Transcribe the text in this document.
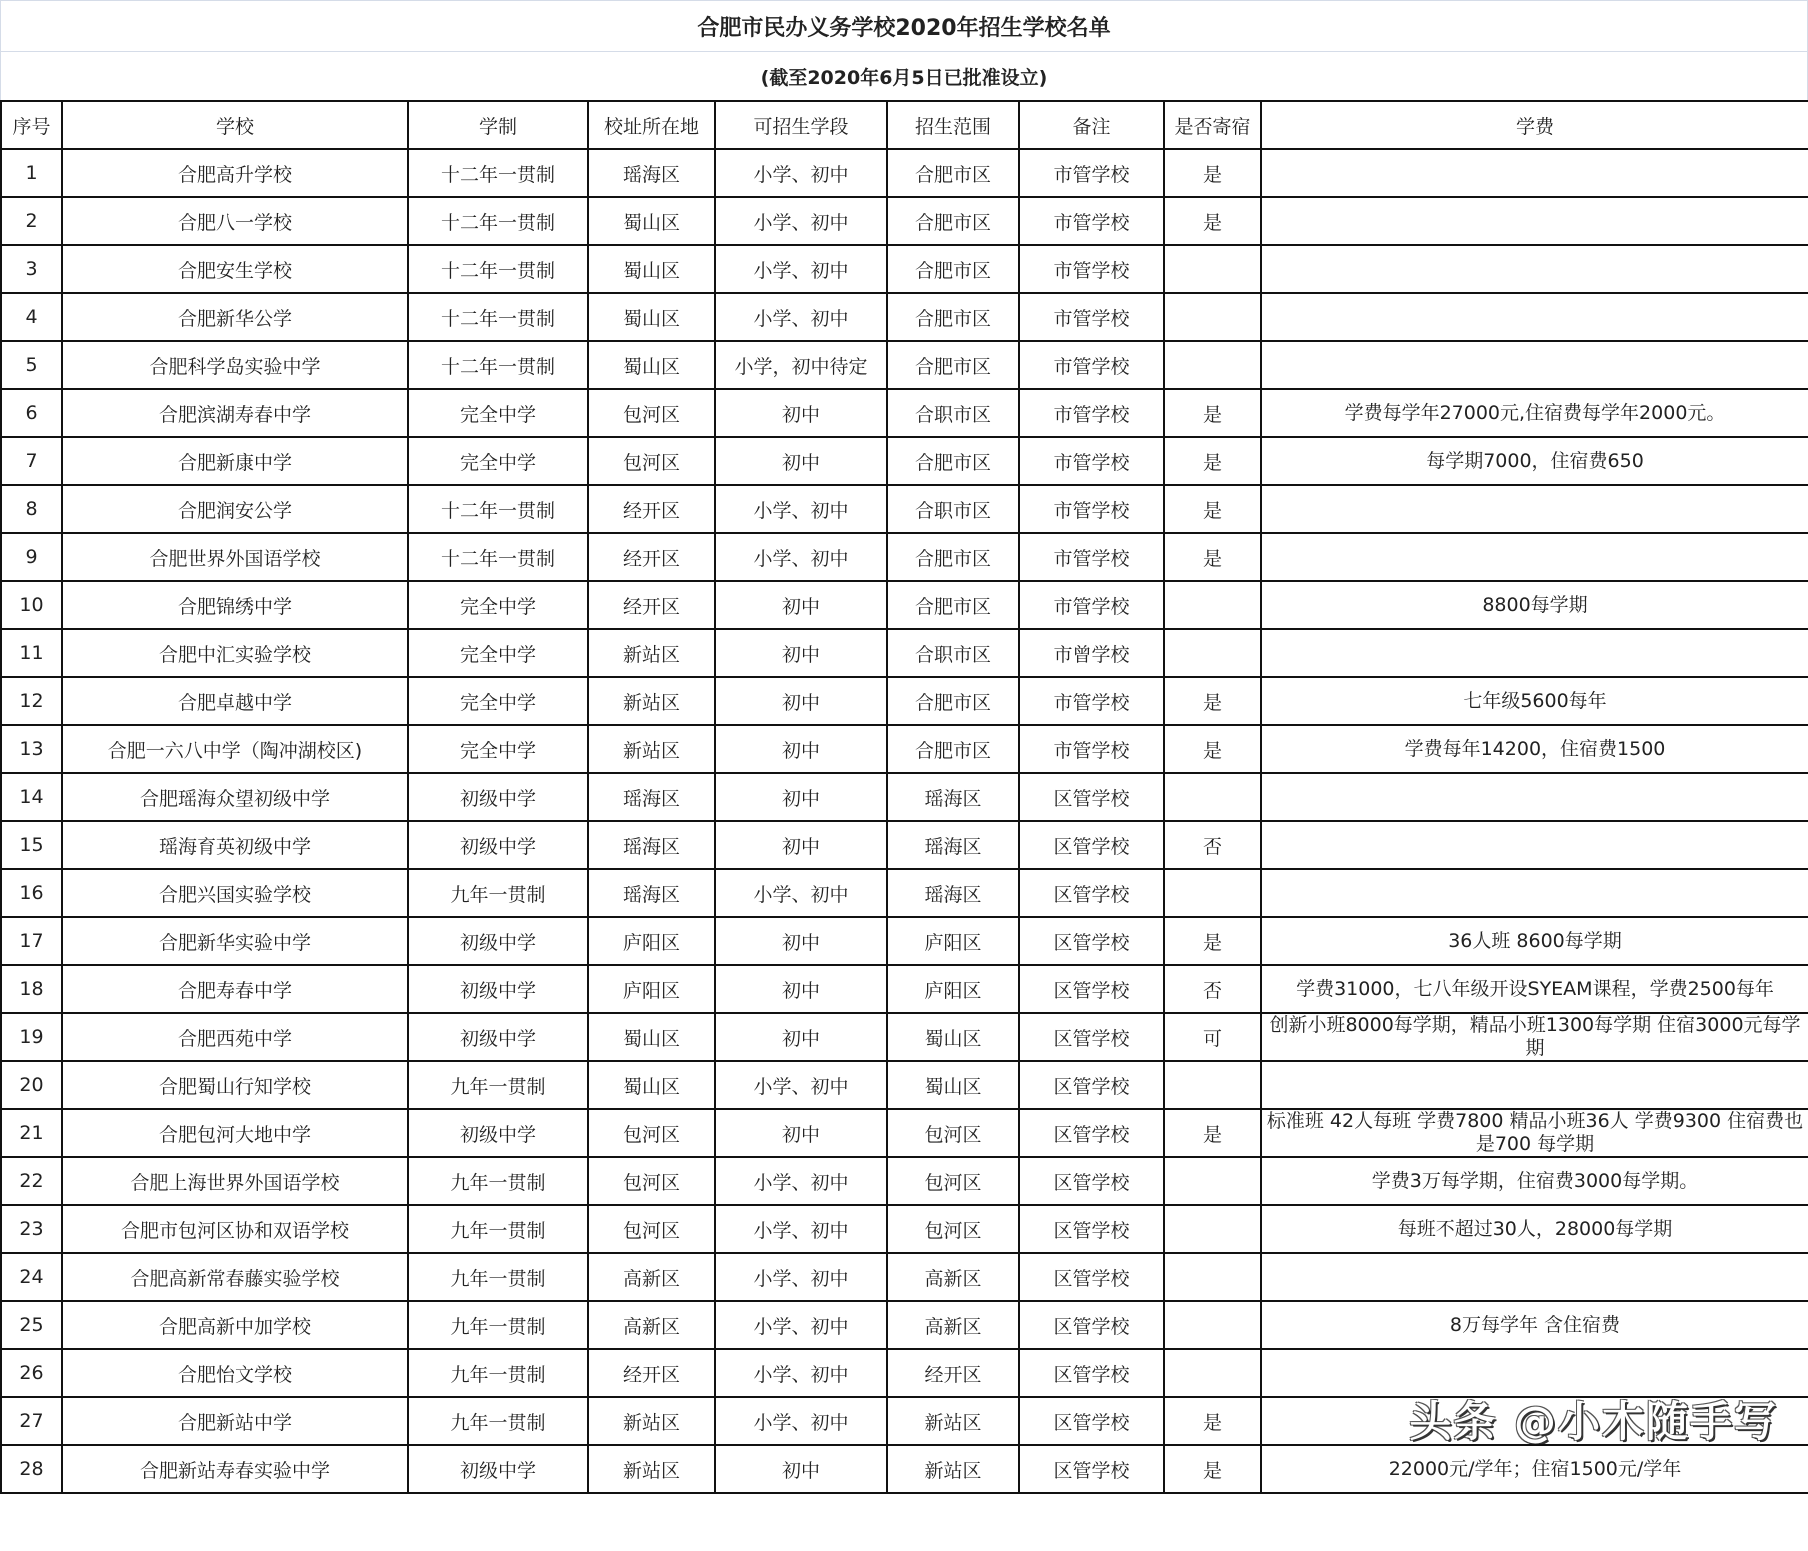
合肥市民办义务学校2020年招生学校名单
(截至2020年6月5日已批准设立)
序号	学校	学制	校址所在地	可招生学段	招生范围	备注	是否寄宿	学费
1	合肥高升学校	十二年一贯制	瑶海区	小学、初中	合肥市区	市管学校	是	

2	合肥八一学校	十二年一贯制	蜀山区	小学、初中	合肥市区	市管学校	是	

3	合肥安生学校	十二年一贯制	蜀山区	小学、初中	合肥市区	市管学校		

4	合肥新华公学	十二年一贯制	蜀山区	小学、初中	合肥市区	市管学校		

5	合肥科学岛实验中学	十二年一贯制	蜀山区	小学，初中待定	合肥市区	市管学校		

6	合肥滨湖寿春中学	完全中学	包河区	初中	合职市区	市管学校	是	学费每学年27000元,住宿费每学年2000元。

7	合肥新康中学	完全中学	包河区	初中	合肥市区	市管学校	是	每学期7000，住宿费650

8	合肥润安公学	十二年一贯制	经开区	小学、初中	合职市区	市管学校	是	

9	合肥世界外国语学校	十二年一贯制	经开区	小学、初中	合肥市区	市管学校	是	

10	合肥锦绣中学	完全中学	经开区	初中	合肥市区	市管学校		8800每学期

11	合肥中汇实验学校	完全中学	新站区	初中	合职市区	市曾学校		

12	合肥卓越中学	完全中学	新站区	初中	合肥市区	市管学校	是	七年级5600每年

13	合肥一六八中学（陶冲湖校区)	完全中学	新站区	初中	合肥市区	市管学校	是	学费每年14200，住宿费1500

14	合肥瑶海众望初级中学	初级中学	瑶海区	初中	瑶海区	区管学校		

15	瑶海育英初级中学	初级中学	瑶海区	初中	瑶海区	区管学校	否	

16	合肥兴国实验学校	九年一贯制	瑶海区	小学、初中	瑶海区	区管学校		

17	合肥新华实验中学	初级中学	庐阳区	初中	庐阳区	区管学校	是	36人班 8600每学期

18	合肥寿春中学	初级中学	庐阳区	初中	庐阳区	区管学校	否	学费31000，七八年级开设SYEAM课程，学费2500每年

19	合肥西苑中学	初级中学	蜀山区	初中	蜀山区	区管学校	可	创新小班8000每学期，精品小班1300每学期 住宿3000元每学期

20	合肥蜀山行知学校	九年一贯制	蜀山区	小学、初中	蜀山区	区管学校		

21	合肥包河大地中学	初级中学	包河区	初中	包河区	区管学校	是	标准班 42人每班 学费7800 精品小班36人 学费9300 住宿费也是700 每学期

22	合肥上海世界外国语学校	九年一贯制	包河区	小学、初中	包河区	区管学校		学费3万每学期，住宿费3000每学期。

23	合肥市包河区协和双语学校	九年一贯制	包河区	小学、初中	包河区	区管学校		每班不超过30人，28000每学期

24	合肥高新常春藤实验学校	九年一贯制	高新区	小学、初中	高新区	区管学校		

25	合肥高新中加学校	九年一贯制	高新区	小学、初中	高新区	区管学校		8万每学年 含住宿费

26	合肥怡文学校	九年一贯制	经开区	小学、初中	经开区	区管学校		

27	合肥新站中学	九年一贯制	新站区	小学、初中	新站区	区管学校	是	头条 @小木随手写

28	合肥新站寿春实验中学	初级中学	新站区	初中	新站区	区管学校	是	22000元/学年；住宿1500元/学年
